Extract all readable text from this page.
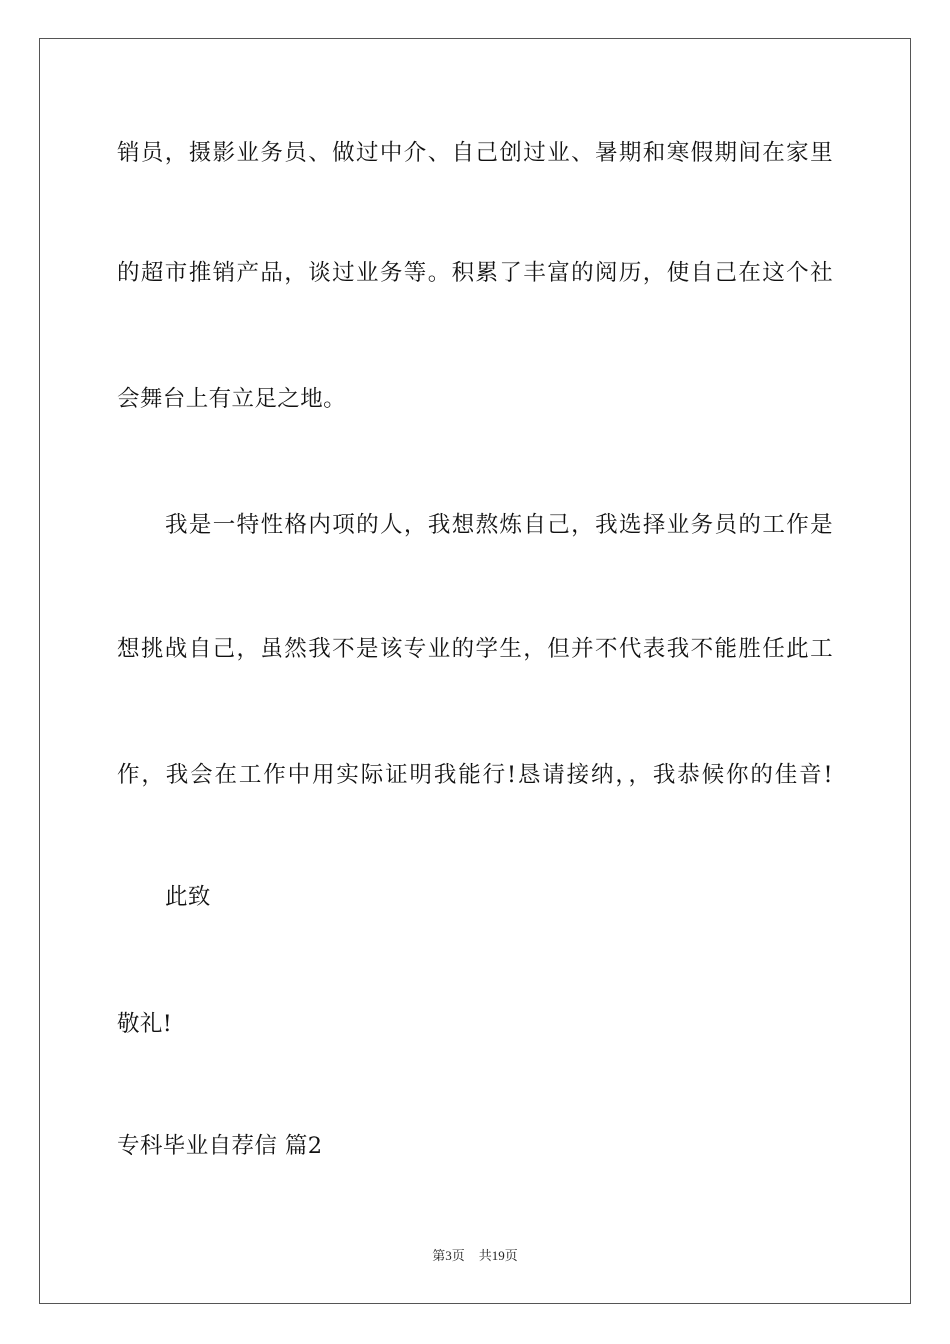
销员，摄影业务员、做过中介、自己创过业、暑期和寒假期间在家里
的超市推销产品，谈过业务等。积累了丰富的阅历，使自己在这个社
会舞台上有立足之地。
我是一特性格内项的人，我想熬炼自己，我选择业务员的工作是
想挑战自己，虽然我不是该专业的学生，但并不代表我不能胜任此工
作，我会在工作中用实际证明我能行!恳请接纳，，我恭候你的佳音!
此致
敬礼!
专科毕业自荐信 篇2
第3页 共19页
